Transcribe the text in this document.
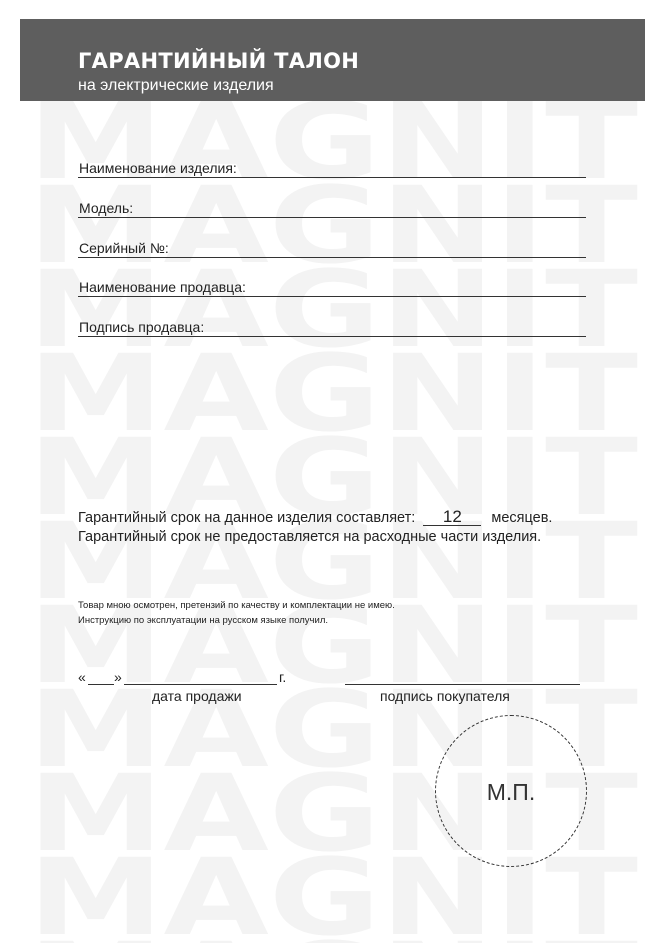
ГАРАНТИЙНЫЙ ТАЛОН
на электрические изделия
Наименование изделия:
Модель:
Серийный №:
Наименование продавца:
Подпись продавца:
Гарантийный срок на данное изделия составляет: 12 месяцев.
Гарантийный срок не предоставляется на расходные части изделия.
Товар мною осмотрен, претензий по качеству и комплектации не имею.
Инструкцию по эксплуатации на русском языке получил.
« »	г.
дата продажи	подпись покупателя
М.П.
